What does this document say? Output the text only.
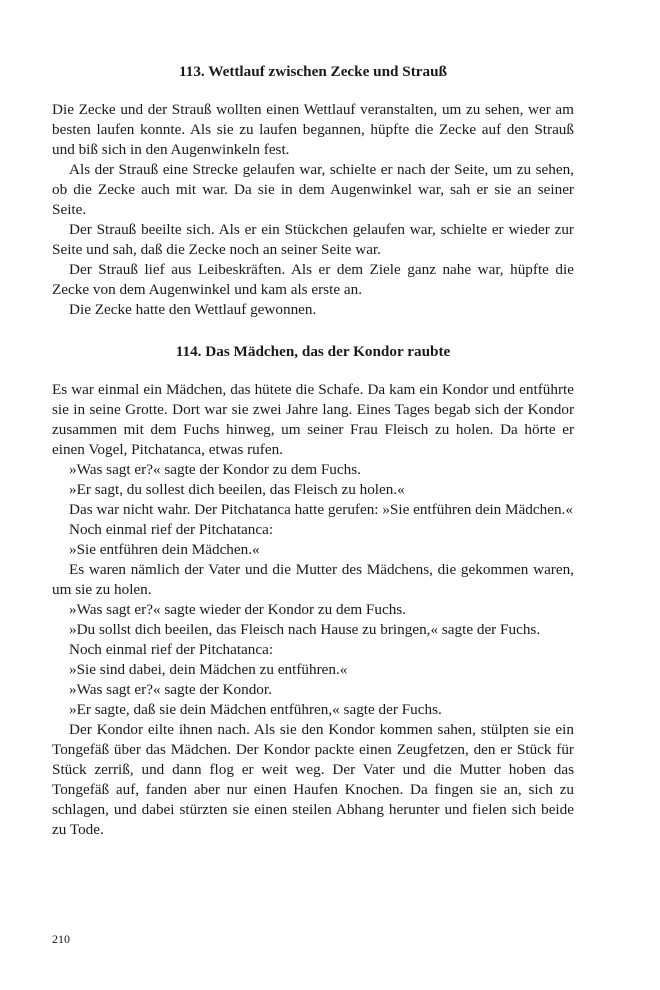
113. Wettlauf zwischen Zecke und Strauß

Die Zecke und der Strauß wollten einen Wettlauf veranstalten, um zu sehen, wer am besten laufen konnte. Als sie zu laufen begannen, hüpfte die Zecke auf den Strauß und biß sich in den Augenwinkeln fest.

Als der Strauß eine Strecke gelaufen war, schielte er nach der Seite, um zu sehen, ob die Zecke auch mit war. Da sie in dem Augenwinkel war, sah er sie an seiner Seite.

Der Strauß beeilte sich. Als er ein Stückchen gelaufen war, schielte er wieder zur Seite und sah, daß die Zecke noch an seiner Seite war.

Der Strauß lief aus Leibeskräften. Als er dem Ziele ganz nahe war, hüpfte die Zecke von dem Augenwinkel und kam als erste an.

Die Zecke hatte den Wettlauf gewonnen.

114. Das Mädchen, das der Kondor raubte

Es war einmal ein Mädchen, das hütete die Schafe. Da kam ein Kondor und entführte sie in seine Grotte. Dort war sie zwei Jahre lang. Eines Tages begab sich der Kondor zusammen mit dem Fuchs hinweg, um seiner Frau Fleisch zu holen. Da hörte er einen Vogel, Pitchatanca, etwas rufen.

»Was sagt er?« sagte der Kondor zu dem Fuchs.

»Er sagt, du sollest dich beeilen, das Fleisch zu holen.«

Das war nicht wahr. Der Pitchatanca hatte gerufen: »Sie entführen dein Mädchen.«

Noch einmal rief der Pitchatanca:

»Sie entführen dein Mädchen.«

Es waren nämlich der Vater und die Mutter des Mädchens, die gekommen waren, um sie zu holen.

»Was sagt er?« sagte wieder der Kondor zu dem Fuchs.

»Du sollst dich beeilen, das Fleisch nach Hause zu bringen,« sagte der Fuchs.

Noch einmal rief der Pitchatanca:

»Sie sind dabei, dein Mädchen zu entführen.«

»Was sagt er?« sagte der Kondor.

»Er sagte, daß sie dein Mädchen entführen,« sagte der Fuchs.

Der Kondor eilte ihnen nach. Als sie den Kondor kommen sahen, stülpten sie ein Tongefäß über das Mädchen. Der Kondor packte einen Zeugfetzen, den er Stück für Stück zerriß, und dann flog er weit weg. Der Vater und die Mutter hoben das Tongefäß auf, fanden aber nur einen Haufen Knochen. Da fingen sie an, sich zu schlagen, und dabei stürzten sie einen steilen Abhang herunter und fielen sich beide zu Tode.

210
